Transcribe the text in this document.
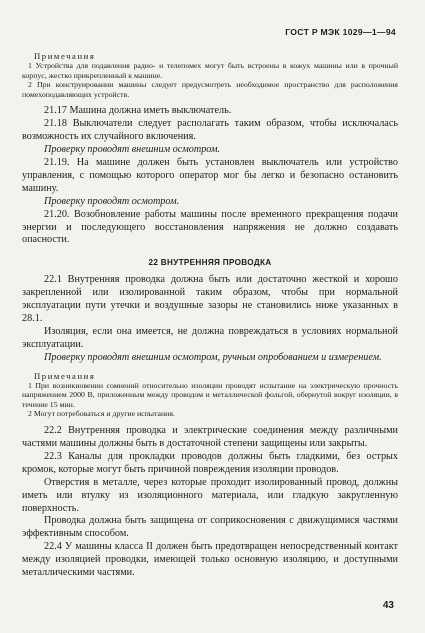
ГОСТ Р МЭК 1029—1—94
Примечания
1 Устройства для подавления радио- и телепомех могут быть встроены в кожух машины или в прочный корпус, жестко прикрепленный к машине.
2 При конструировании машины следует предусмотреть необходимое пространство для расположения помехоподавляющих устройств.
21.17 Машина должна иметь выключатель.
21.18 Выключатели следует располагать таким образом, чтобы исключалась возможность их случайного включения.
Проверку проводят внешним осмотром.
21.19. На машине должен быть установлен выключатель или устройство управления, с помощью которого оператор мог бы легко и безопасно остановить машину.
Проверку проводят осмотром.
21.20. Возобновление работы машины после временного прекращения подачи энергии и последующего восстановления напряжения не должно создавать опасности.
22 ВНУТРЕННЯЯ ПРОВОДКА
22.1 Внутренняя проводка должна быть или достаточно жесткой и хорошо закрепленной или изолированной таким образом, чтобы при нормальной эксплуатации пути утечки и воздушные зазоры не становились ниже указанных в 28.1.
Изоляция, если она имеется, не должна повреждаться в условиях нормальной эксплуатации.
Проверку проводят внешним осмотром, ручным опробованием и измерением.
Примечания
1 При возникновении сомнений относительно изоляции проводят испытание на электрическую прочность напряжением 2000 В, приложенным между проводом и металлической фольгой, обернутой вокруг изоляции, в течение 15 мин.
2 Могут потребоваться и другие испытания.
22.2 Внутренняя проводка и электрические соединения между различными частями машины должны быть в достаточной степени защищены или закрыты.
22.3 Каналы для прокладки проводов должны быть гладкими, без острых кромок, которые могут быть причиной повреждения изоляции проводов.
Отверстия в металле, через которые проходит изолированный провод, должны иметь или втулку из изоляционного материала, или гладкую закругленную поверхность.
Проводка должна быть защищена от соприкосновения с движущимися частями эффективным способом.
22.4 У машины класса II должен быть предотвращен непосредственный контакт между изоляцией проводки, имеющей только основную изоляцию, и доступными металлическими частями.
43
